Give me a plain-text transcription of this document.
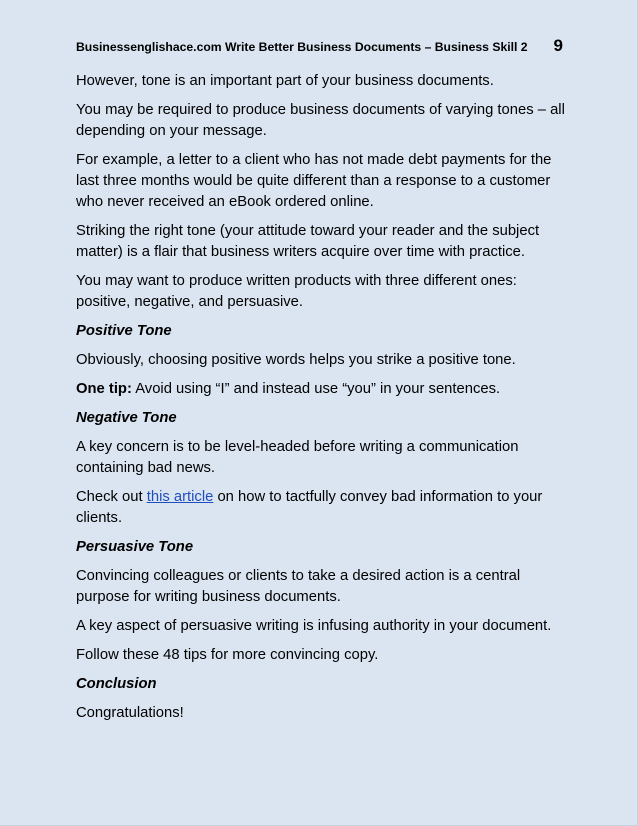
Businessenglishace.com Write Better Business Documents – Business Skill 2 9

However, tone is an important part of your business documents.

You may be required to produce business documents of varying tones – all depending on your message.

For example, a letter to a client who has not made debt payments for the last three months would be quite different than a response to a customer who never received an eBook ordered online.

Striking the right tone (your attitude toward your reader and the subject matter) is a flair that business writers acquire over time with practice.

You may want to produce written products with three different ones: positive, negative, and persuasive.

Positive Tone

Obviously, choosing positive words helps you strike a positive tone.

One tip: Avoid using “I” and instead use “you” in your sentences.

Negative Tone

A key concern is to be level-headed before writing a communication containing bad news.

Check out this article on how to tactfully convey bad information to your clients.

Persuasive Tone

Convincing colleagues or clients to take a desired action is a central purpose for writing business documents.

A key aspect of persuasive writing is infusing authority in your document.

Follow these 48 tips for more convincing copy.

Conclusion

Congratulations!
